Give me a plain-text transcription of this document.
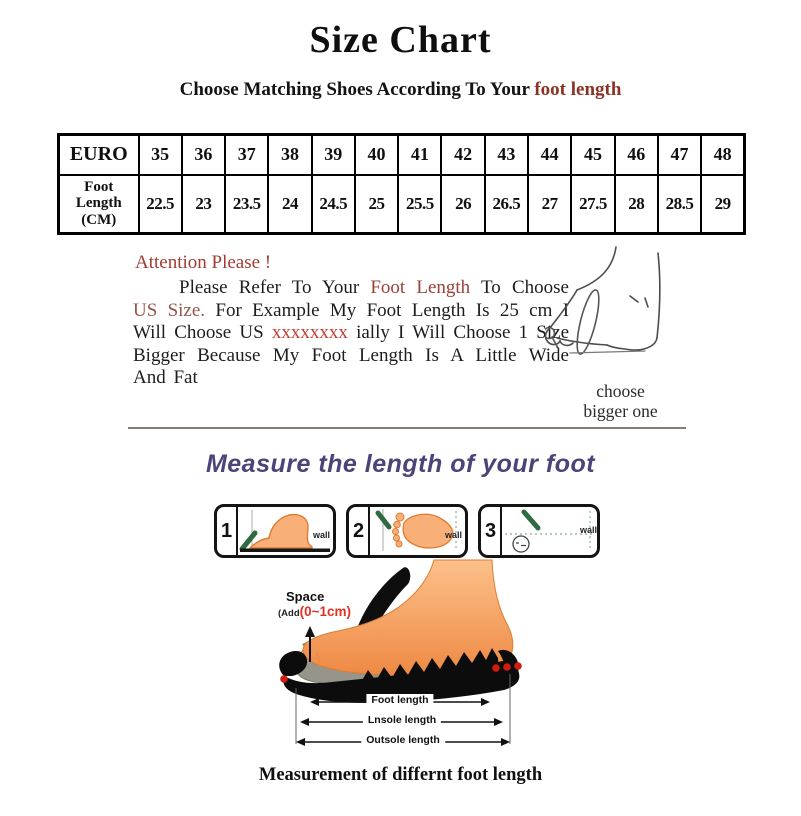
Size Chart
Choose Matching Shoes According To Your foot length
EURO	35	36	37	38	39	40	41	42	43	44	45	46	47	48
Foot Length (CM)	22.5	23	23.5	24	24.5	25	25.5	26	26.5	27	27.5	28	28.5	29
Attention Please !

Please Refer To Your Foot Length To Choose US Size. For Example My Foot Length Is 25 cm I Will Choose US xxxxxxxx ially I Will Choose 1 Size Bigger Because My Foot Length Is A Little Wide And Fat

choose
bigger one
Measure the length of your foot
1	wall 2	wall 3	wall
Space
(Add(0~1cm)
Foot length
Lnsole length
Outsole length
Measurement of differnt foot length
